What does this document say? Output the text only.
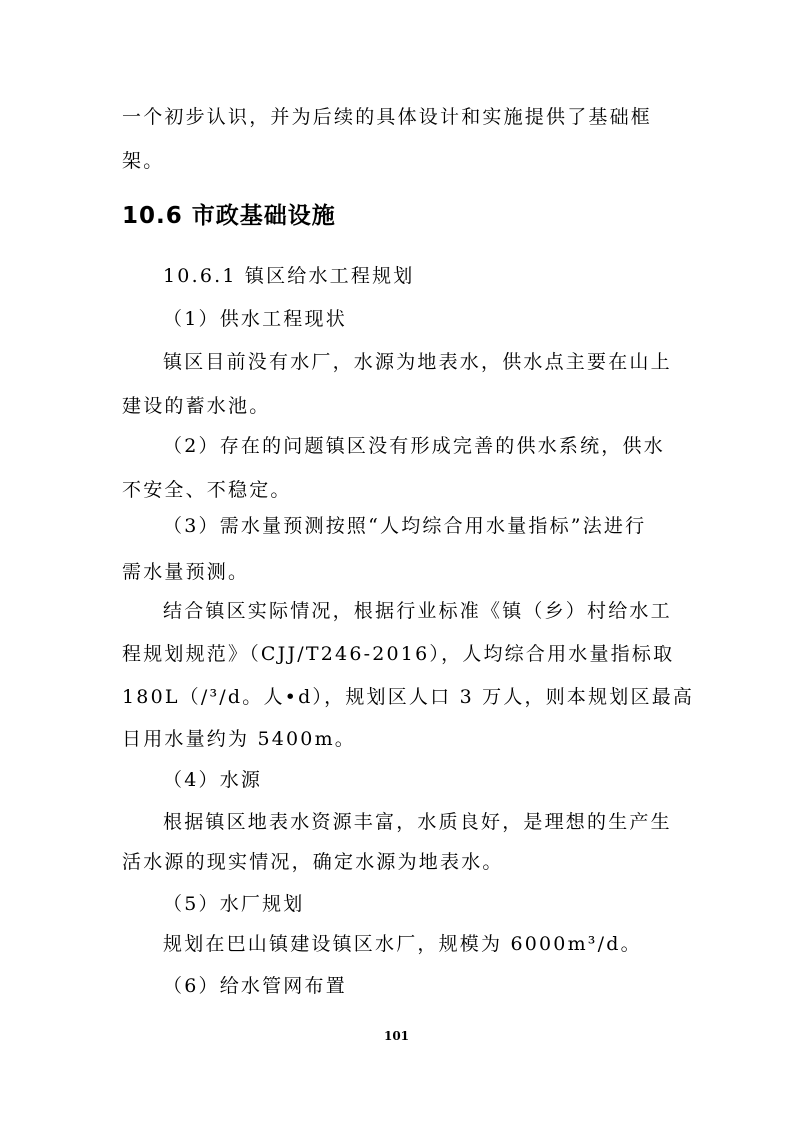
一个初步认识，并为后续的具体设计和实施提供了基础框
架。
10.6 市政基础设施
10.6.1 镇区给水工程规划
（1）供水工程现状
镇区目前没有水厂，水源为地表水，供水点主要在山上
建设的蓄水池。
（2）存在的问题镇区没有形成完善的供水系统，供水
不安全、不稳定。
（3）需水量预测按照“人均综合用水量指标”法进行
需水量预测。
结合镇区实际情况，根据行业标准《镇（乡）村给水工
程规划规范》（CJJ/T246-2016），人均综合用水量指标取
180L（/³/d。人•d），规划区人口 3 万人，则本规划区最高
日用水量约为 5400m。
（4）水源
根据镇区地表水资源丰富，水质良好，是理想的生产生
活水源的现实情况，确定水源为地表水。
（5）水厂规划
规划在巴山镇建设镇区水厂，规模为 6000m³/d。
（6）给水管网布置
101
